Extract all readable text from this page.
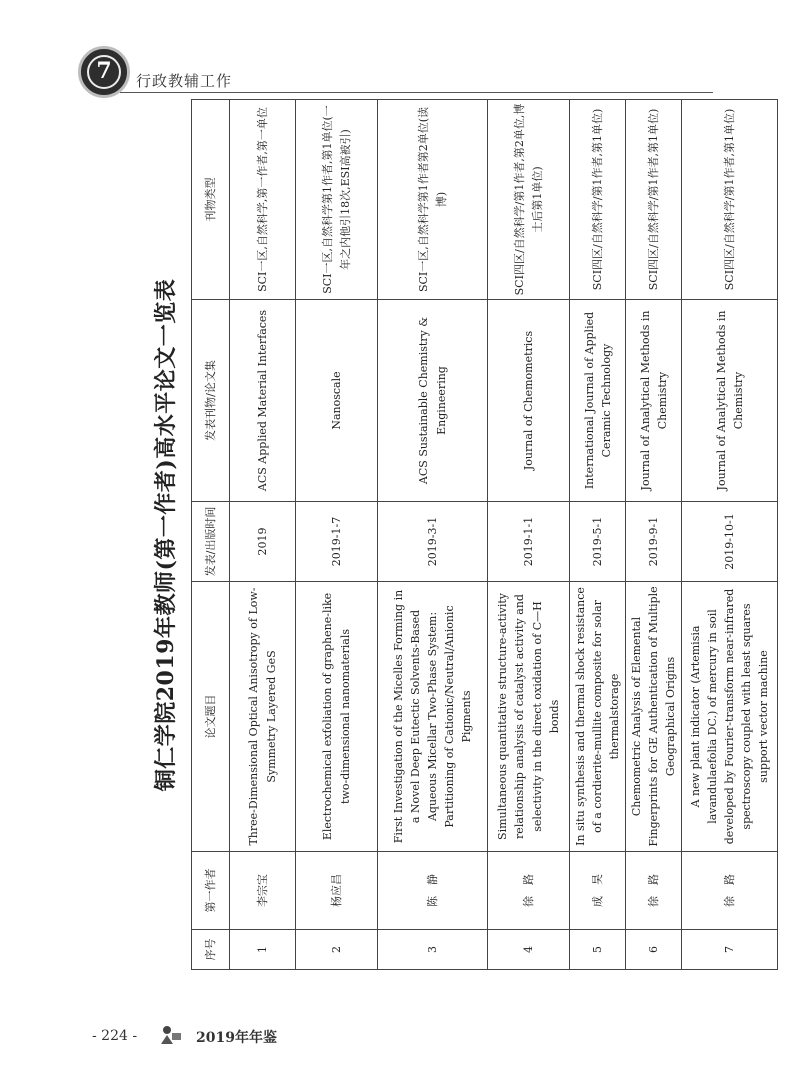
7	行政教辅工作
铜仁学院2019年教师(第一作者)高水平论文一览表
序号	第一作者	论文题目	发表/出版时间	发表刊物/论文集	刊物类型
1	李宗宝	Three-Dimensional Optical Anisotropy of Low-Symmetry Layered GeS	2019	ACS Applied Material Interfaces	SCI一区,自然科学,第一作者,第一单位
2	杨应昌	Electrochemical exfoliation of graphene-like two-dimensional nanomaterials	2019-1-7	Nanoscale	SCI一区,自然科学第1作者,第1单位(一年之内他引18次,ESI高被引)
3	陈　静	First Investigation of the Micelles Forming in a Novel Deep Eutectic Solvents-Based Aqueous Micellar Two-Phase System: Partitioning of Cationic/Neutral/Anionic Pigments	2019-3-1	ACS Sustainable Chemistry & Engineering	SCI一区,自然科学第1作者第2单位(读博)
4	徐　路	Simultaneous quantitative structure-activity relationship analysis of catalyst activity and selectivity in the direct oxidation of C—H bonds	2019-1-1	Journal of Chemometrics	SCI四区/自然科学/第1作者,第2单位,博士后第1单位)
5	成　昊	In situ synthesis and thermal shock resistance of a cordierite-mullite composite for solar thermalstorage	2019-5-1	International Journal of Applied Ceramic Technology	SCI四区/自然科学/第1作者,第1单位)
6	徐　路	Chemometric Analysis of Elemental Fingerprints for GE Authentication of Multiple Geographical Origins	2019-9-1	Journal of Analytical Methods in Chemistry	SCI四区/自然科学/第1作者,第1单位)
7	徐　路	A new plant indicator (Artemisia lavandulaefolia DC.) of mercury in soil developed by Fourier-transform near-infrared spectroscopy coupled with least squares support vector machine	2019-10-1	Journal of Analytical Methods in Chemistry	SCI四区/自然科学/第1作者,第1单位)
- 224 -	2019年年鉴
